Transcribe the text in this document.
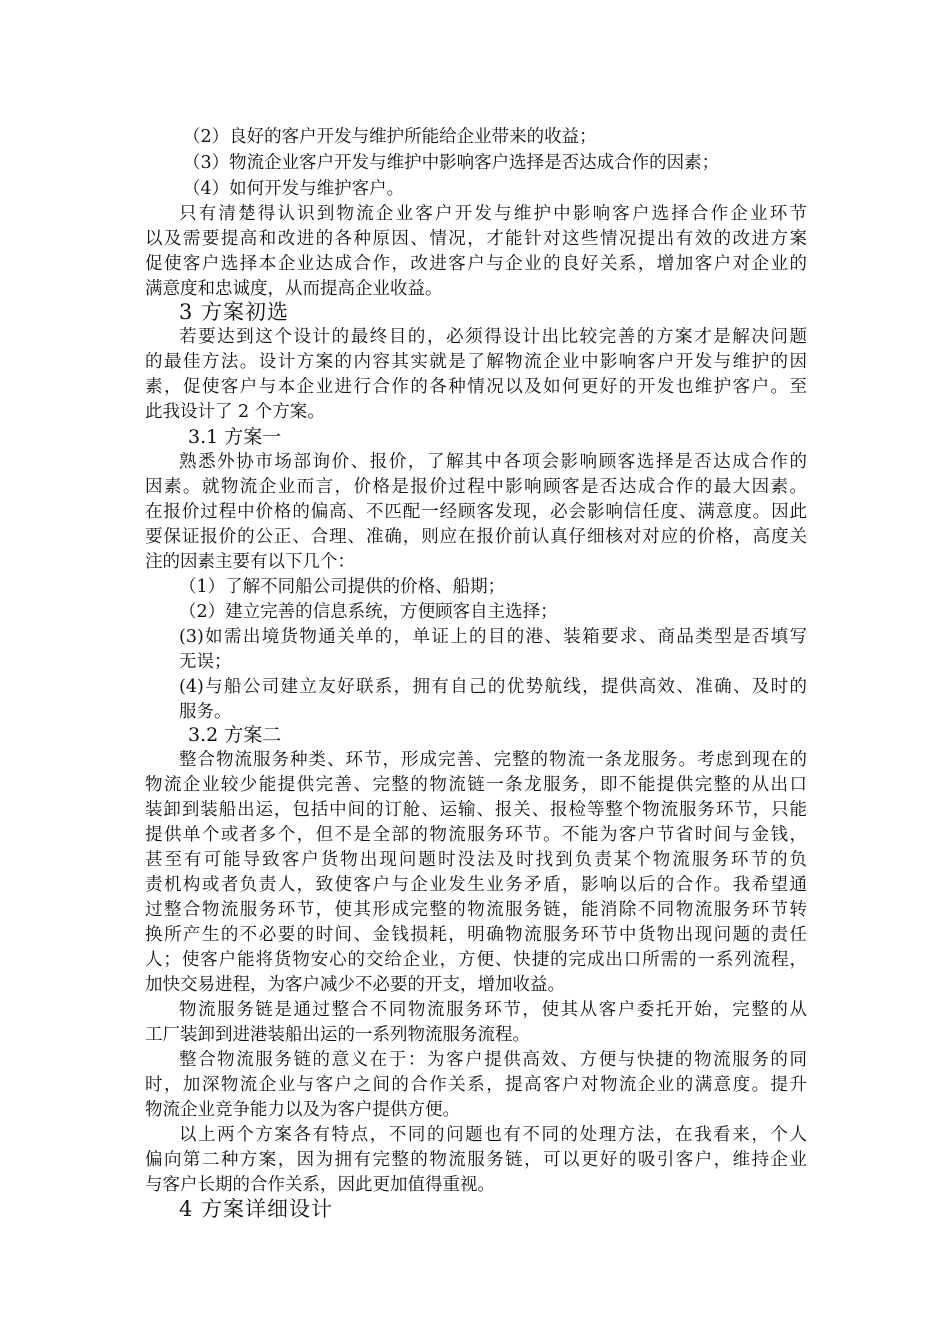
（2）良好的客户开发与维护所能给企业带来的收益；
（3）物流企业客户开发与维护中影响客户选择是否达成合作的因素；
（4）如何开发与维护客户。
只有清楚得认识到物流企业客户开发与维护中影响客户选择合作企业环节
以及需要提高和改进的各种原因、情况，才能针对这些情况提出有效的改进方案
促使客户选择本企业达成合作，改进客户与企业的良好关系，增加客户对企业的
满意度和忠诚度，从而提高企业收益。
3 方案初选
若要达到这个设计的最终目的，必须得设计出比较完善的方案才是解决问题
的最佳方法。设计方案的内容其实就是了解物流企业中影响客户开发与维护的因
素，促使客户与本企业进行合作的各种情况以及如何更好的开发也维护客户。至
此我设计了 2 个方案。
3.1 方案一
熟悉外协市场部询价、报价，了解其中各项会影响顾客选择是否达成合作的
因素。就物流企业而言，价格是报价过程中影响顾客是否达成合作的最大因素。
在报价过程中价格的偏高、不匹配一经顾客发现，必会影响信任度、满意度。因此
要保证报价的公正、合理、准确，则应在报价前认真仔细核对对应的价格，高度关
注的因素主要有以下几个：
（1）了解不同船公司提供的价格、船期；
（2）建立完善的信息系统，方便顾客自主选择；
(3)如需出境货物通关单的，单证上的目的港、装箱要求、商品类型是否填写
无误；
(4)与船公司建立友好联系，拥有自己的优势航线，提供高效、准确、及时的
服务。
3.2 方案二
整合物流服务种类、环节，形成完善、完整的物流一条龙服务。考虑到现在的
物流企业较少能提供完善、完整的物流链一条龙服务，即不能提供完整的从出口
装卸到装船出运，包括中间的订舱、运输、报关、报检等整个物流服务环节，只能
提供单个或者多个，但不是全部的物流服务环节。不能为客户节省时间与金钱，
甚至有可能导致客户货物出现问题时没法及时找到负责某个物流服务环节的负
责机构或者负责人，致使客户与企业发生业务矛盾，影响以后的合作。我希望通
过整合物流服务环节，使其形成完整的物流服务链，能消除不同物流服务环节转
换所产生的不必要的时间、金钱损耗，明确物流服务环节中货物出现问题的责任
人；使客户能将货物安心的交给企业，方便、快捷的完成出口所需的一系列流程，
加快交易进程，为客户减少不必要的开支，增加收益。
物流服务链是通过整合不同物流服务环节，使其从客户委托开始，完整的从
工厂装卸到进港装船出运的一系列物流服务流程。
整合物流服务链的意义在于：为客户提供高效、方便与快捷的物流服务的同
时，加深物流企业与客户之间的合作关系，提高客户对物流企业的满意度。提升
物流企业竞争能力以及为客户提供方便。
以上两个方案各有特点，不同的问题也有不同的处理方法，在我看来，个人
偏向第二种方案，因为拥有完整的物流服务链，可以更好的吸引客户，维持企业
与客户长期的合作关系，因此更加值得重视。
4 方案详细设计
